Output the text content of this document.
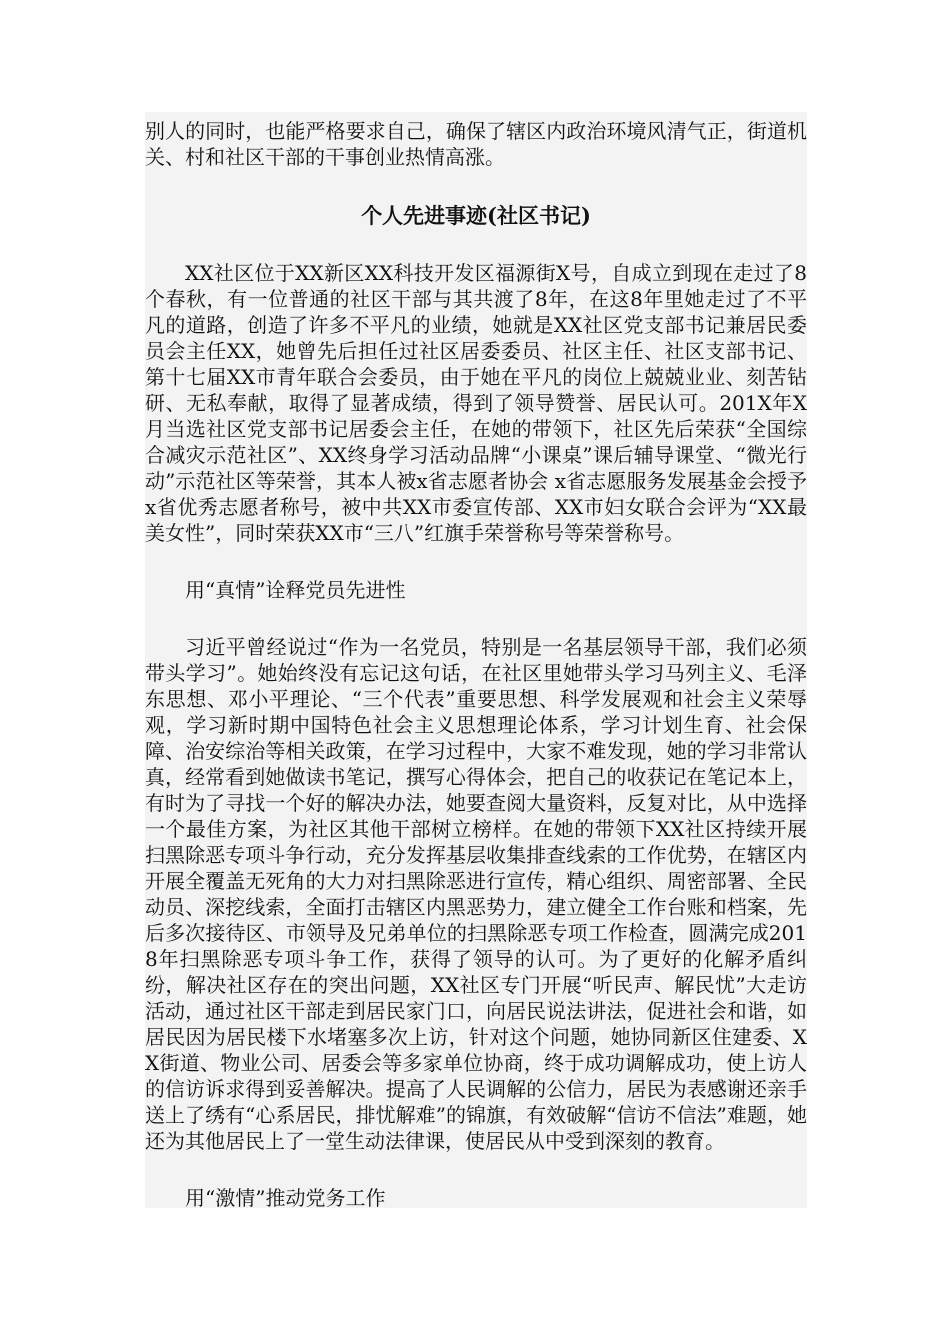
别人的同时，也能严格要求自己，确保了辖区内政治环境风清气正，街道机关、村和社区干部的干事创业热情高涨。

个人先进事迹(社区书记)

XX社区位于XX新区XX科技开发区福源街X号，自成立到现在走过了8个春秋，有一位普通的社区干部与其共渡了8年，在这8年里她走过了不平凡的道路，创造了许多不平凡的业绩，她就是XX社区党支部书记兼居民委员会主任XX，她曾先后担任过社区居委委员、社区主任、社区支部书记、第十七届XX市青年联合会委员，由于她在平凡的岗位上兢兢业业、刻苦钻研、无私奉献，取得了显著成绩，得到了领导赞誉、居民认可。201X年X月当选社区党支部书记居委会主任，在她的带领下，社区先后荣获“全国综合减灾示范社区”、XX终身学习活动品牌“小课桌”课后辅导课堂、“微光行动”示范社区等荣誉，其本人被x省志愿者协会 x省志愿服务发展基金会授予x省优秀志愿者称号，被中共XX市委宣传部、XX市妇女联合会评为“XX最美女性”，同时荣获XX市“三八”红旗手荣誉称号等荣誉称号。

用“真情”诠释党员先进性

习近平曾经说过“作为一名党员，特别是一名基层领导干部，我们必须带头学习”。她始终没有忘记这句话，在社区里她带头学习马列主义、毛泽东思想、邓小平理论、“三个代表”重要思想、科学发展观和社会主义荣辱观，学习新时期中国特色社会主义思想理论体系，学习计划生育、社会保障、治安综治等相关政策，在学习过程中，大家不难发现，她的学习非常认真，经常看到她做读书笔记，撰写心得体会，把自己的收获记在笔记本上，有时为了寻找一个好的解决办法，她要查阅大量资料，反复对比，从中选择一个最佳方案，为社区其他干部树立榜样。在她的带领下XX社区持续开展扫黑除恶专项斗争行动，充分发挥基层收集排查线索的工作优势，在辖区内开展全覆盖无死角的大力对扫黑除恶进行宣传，精心组织、周密部署、全民动员、深挖线索，全面打击辖区内黑恶势力，建立健全工作台账和档案，先后多次接待区、市领导及兄弟单位的扫黑除恶专项工作检查，圆满完成2018年扫黑除恶专项斗争工作，获得了领导的认可。为了更好的化解矛盾纠纷，解决社区存在的突出问题，XX社区专门开展“听民声、解民忧”大走访活动，通过社区干部走到居民家门口，向居民说法讲法，促进社会和谐，如居民因为居民楼下水堵塞多次上访，针对这个问题，她协同新区住建委、XX街道、物业公司、居委会等多家单位协商，终于成功调解成功，使上访人的信访诉求得到妥善解决。提高了人民调解的公信力，居民为表感谢还亲手送上了绣有“心系居民，排忧解难”的锦旗，有效破解“信访不信法”难题，她还为其他居民上了一堂生动法律课，使居民从中受到深刻的教育。

用“激情”推动党务工作
